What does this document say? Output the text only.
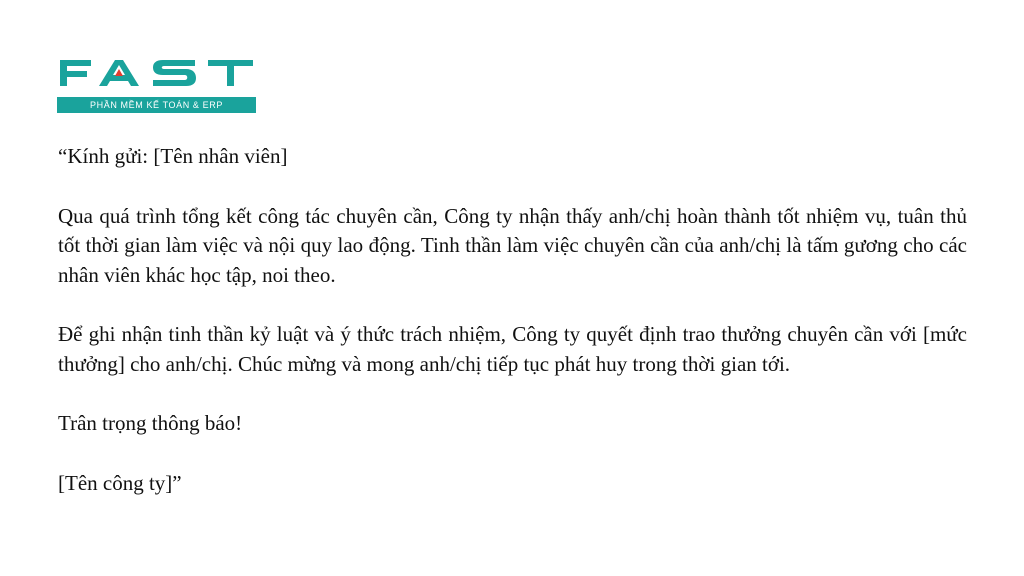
PHẦN MỀM KẾ TOÁN & ERP

“Kính gửi: [Tên nhân viên]

Qua quá trình tổng kết công tác chuyên cần, Công ty nhận thấy anh/chị hoàn thành tốt nhiệm vụ, tuân thủ tốt thời gian làm việc và nội quy lao động. Tinh thần làm việc chuyên cần của anh/chị là tấm gương cho các nhân viên khác học tập, noi theo.

Để ghi nhận tinh thần kỷ luật và ý thức trách nhiệm, Công ty quyết định trao thưởng chuyên cần với [mức thưởng] cho anh/chị. Chúc mừng và mong anh/chị tiếp tục phát huy trong thời gian tới.

Trân trọng thông báo!

[Tên công ty]”
